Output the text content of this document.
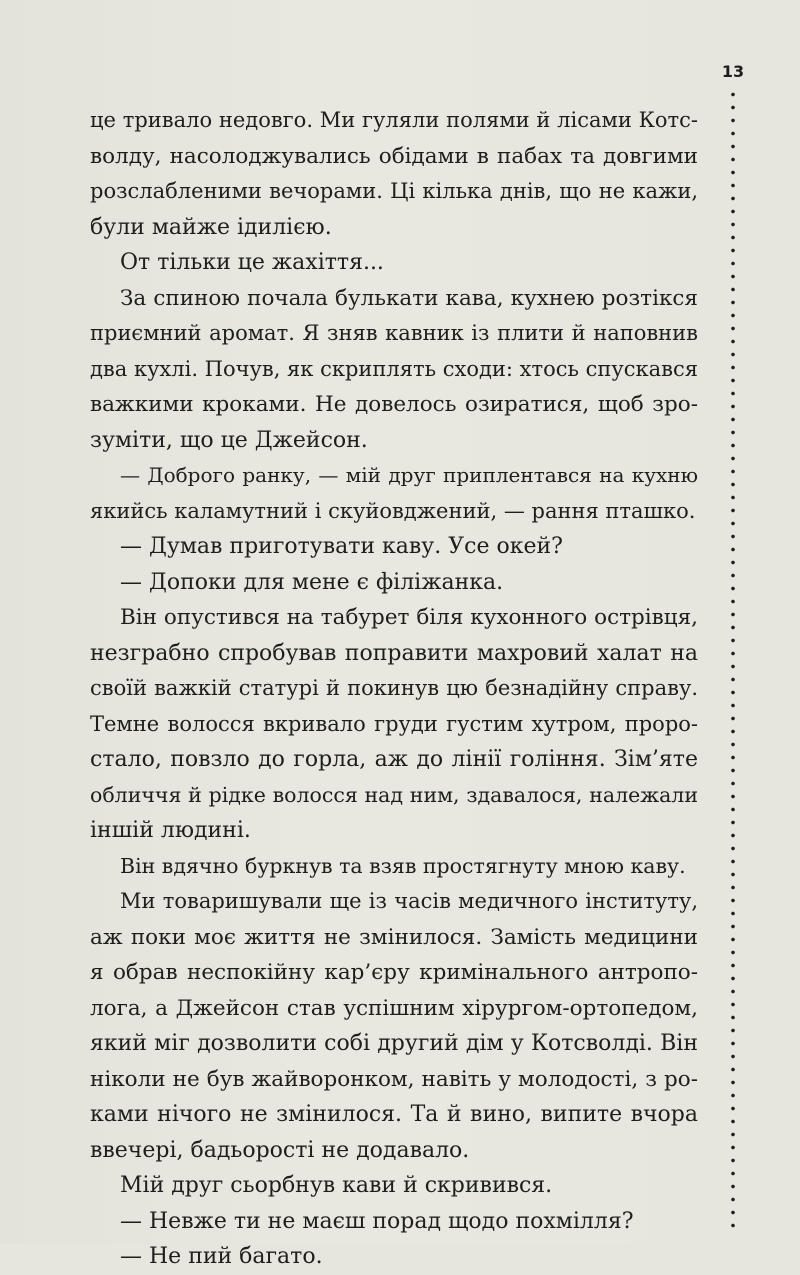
13
це тривало недовго. Ми гуляли полями й лісами Котс-
волду, насолоджувались обідами в пабах та довгими
розслабленими вечорами. Ці кілька днів, що не кажи,
були майже ідилією.
От тільки це жахіття...
За спиною почала булькати кава, кухнею розтікся
приємний аромат. Я зняв кавник із плити й наповнив
два кухлі. Почув, як скриплять сходи: хтось спускався
важкими кроками. Не довелось озиратися, щоб зро-
зуміти, що це Джейсон.
— Доброго ранку, — мій друг приплентався на кухню
якийсь каламутний і скуйовджений, — рання пташко.
— Думав приготувати каву. Усе окей?
— Допоки для мене є філіжанка.
Він опустився на табурет біля кухонного острівця,
незграбно спробував поправити махровий халат на
своїй важкій статурі й покинув цю безнадійну справу.
Темне волосся вкривало груди густим хутром, проро-
стало, повзло до горла, аж до лінії гоління. Зім’яте
обличчя й рідке волосся над ним, здавалося, належали
іншій людині.
Він вдячно буркнув та взяв простягнуту мною каву.
Ми товаришували ще із часів медичного інституту,
аж поки моє життя не змінилося. Замість медицини
я обрав неспокійну кар’єру кримінального антропо-
лога, а Джейсон став успішним хірургом-ортопедом,
який міг дозволити собі другий дім у Котсволді. Він
ніколи не був жайворонком, навіть у молодості, з ро-
ками нічого не змінилося. Та й вино, випите вчора
ввечері, бадьорості не додавало.
Мій друг сьорбнув кави й скривився.
— Невже ти не маєш порад щодо похмілля?
— Не пий багато.
